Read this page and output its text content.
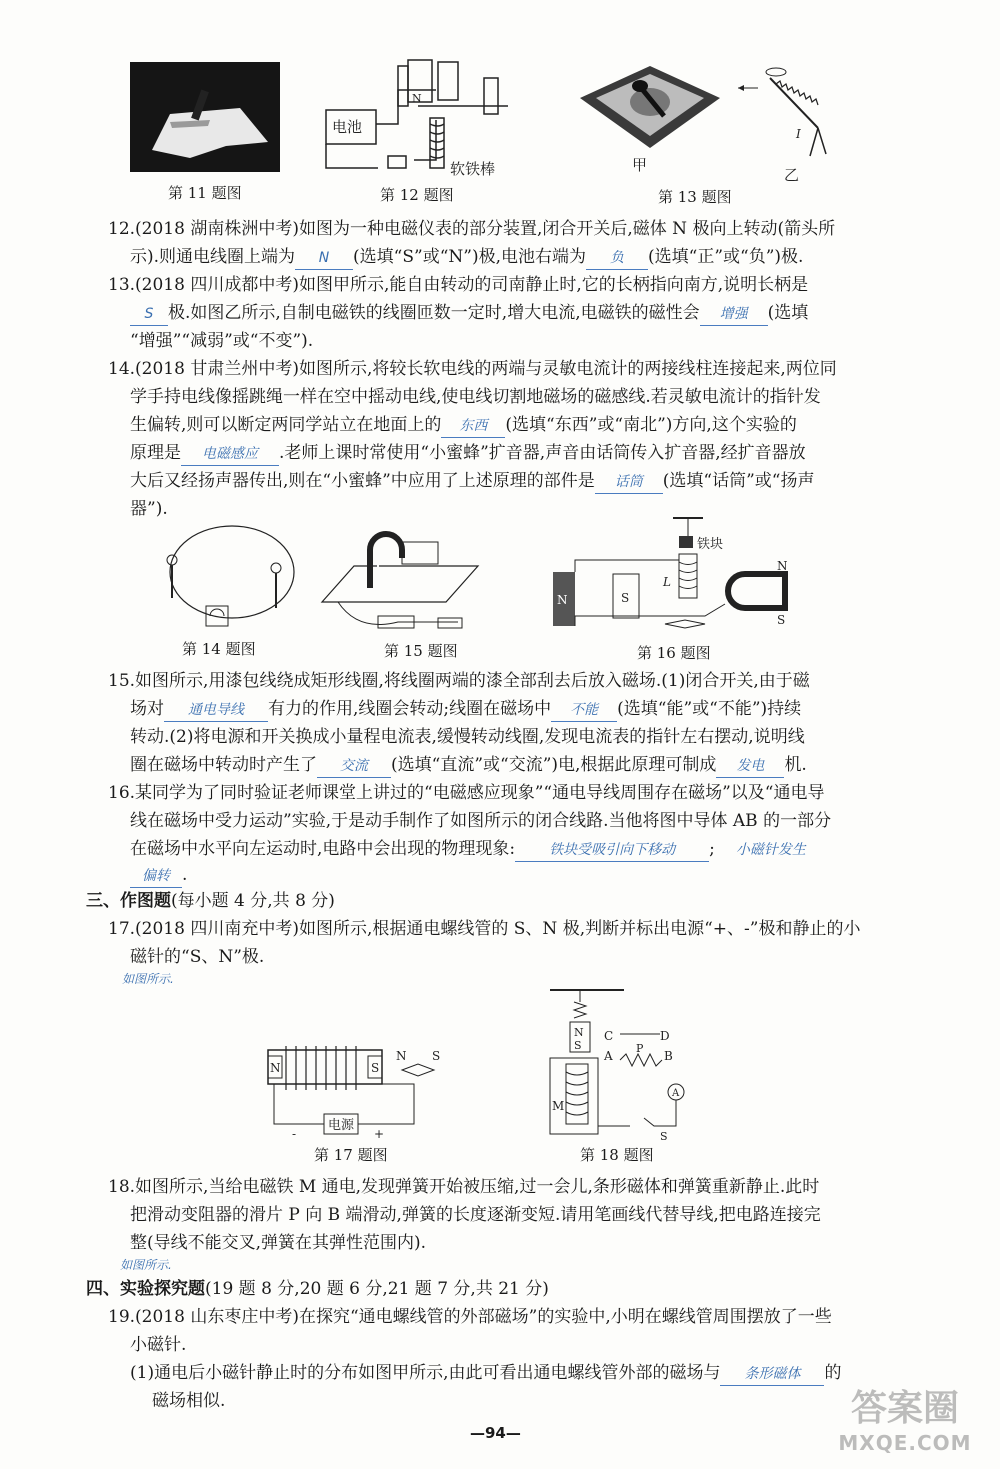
第 11 题图
N
电池
软铁棒
第 12 题图
I
甲
乙
第 13 题图
12.(2018 湖南株洲中考)如图为一种电磁仪表的部分装置,闭合开关后,磁体 N 极向上转动(箭头所
示).则通电线圈上端为 N (选填“S”或“N”)极,电池右端为 负 (选填“正”或“负”)极.
13.(2018 四川成都中考)如图甲所示,能自由转动的司南静止时,它的长柄指向南方,说明长柄是
S 极.如图乙所示,自制电磁铁的线圈匝数一定时,增大电流,电磁铁的磁性会 增强 (选填
“增强”“减弱”或“不变”).
14.(2018 甘肃兰州中考)如图所示,将较长软电线的两端与灵敏电流计的两接线柱连接起来,两位同
学手持电线像摇跳绳一样在空中摇动电线,使电线切割地磁场的磁感线.若灵敏电流计的指针发
生偏转,则可以断定两同学站立在地面上的 东西 (选填“东西”或“南北”)方向,这个实验的
原理是 电磁感应 .老师上课时常使用“小蜜蜂”扩音器,声音由话筒传入扩音器,经扩音器放
大后又经扬声器传出,则在“小蜜蜂”中应用了上述原理的部件是 话筒 (选填“话筒”或“扬声
器”).
第 14 题图	第 15 题图
铁块
L
N	S
N
S
第 16 题图
15.如图所示,用漆包线绕成矩形线圈,将线圈两端的漆全部刮去后放入磁场.(1)闭合开关,由于磁
场对 通电导线 有力的作用,线圈会转动;线圈在磁场中 不能 (选填“能”或“不能”)持续
转动.(2)将电源和开关换成小量程电流表,缓慢转动线圈,发现电流表的指针左右摆动,说明线
圈在磁场中转动时产生了 交流 (选填“直流”或“交流”)电,根据此原理可制成 发电 机.
16.某同学为了同时验证老师课堂上讲过的“电磁感应现象”“通电导线周围存在磁场”以及“通电导
线在磁场中受力运动”实验,于是动手制作了如图所示的闭合线路.当他将图中导体 AB 的一部分
在磁场中水平向左运动时,电路中会出现的物理现象: 铁块受吸引向下移动 ; 小磁针发生
偏转 .
三、作图题(每小题 4 分,共 8 分)
17.(2018 四川南充中考)如图所示,根据通电螺线管的 S、N 极,判断并标出电源“+、-”极和静止的小
磁针的“S、N”极.
如图所示.
N	S
电源
-	+
N S
第 17 题图
N
S
M
C	D
A	B
P
A
S
第 18 题图
18.如图所示,当给电磁铁 M 通电,发现弹簧开始被压缩,过一会儿,条形磁体和弹簧重新静止.此时
把滑动变阻器的滑片 P 向 B 端滑动,弹簧的长度逐渐变短.请用笔画线代替导线,把电路连接完
整(导线不能交叉,弹簧在其弹性范围内).
如图所示.
四、实验探究题(19 题 8 分,20 题 6 分,21 题 7 分,共 21 分)
19.(2018 山东枣庄中考)在探究“通电螺线管的外部磁场”的实验中,小明在螺线管周围摆放了一些
小磁针.
(1)通电后小磁针静止时的分布如图甲所示,由此可看出通电螺线管外部的磁场与 条形磁体 的
磁场相似.
—94—
答案圈
MXQE.COM
